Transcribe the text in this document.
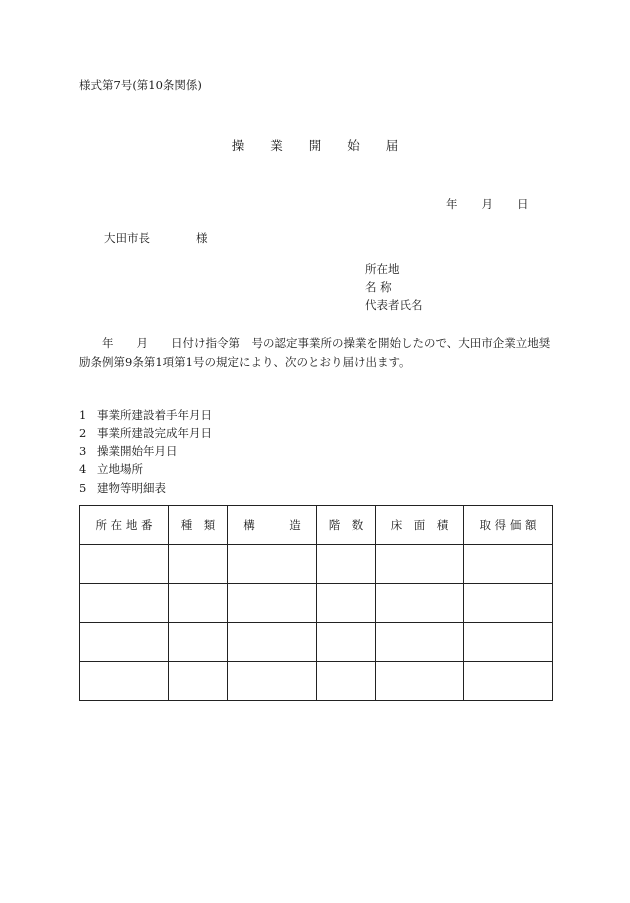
様式第7号(第10条関係)
操 業 開 始 届
年 月 日
大田市長	様
所在地
名 称
代表者氏名
　　年　　月　　日付け指令第　号の認定事業所の操業を開始したので、大田市企業立地奨励条例第9条第1項第1号の規定により、次のとおり届け出ます。
1 事業所建設着手年月日
2 事業所建設完成年月日
3 操業開始年月日
4 立地場所
5 建物等明細表
所 在 地 番	種　類	構　　　造	階　数	床　面　積	取 得 価 額
